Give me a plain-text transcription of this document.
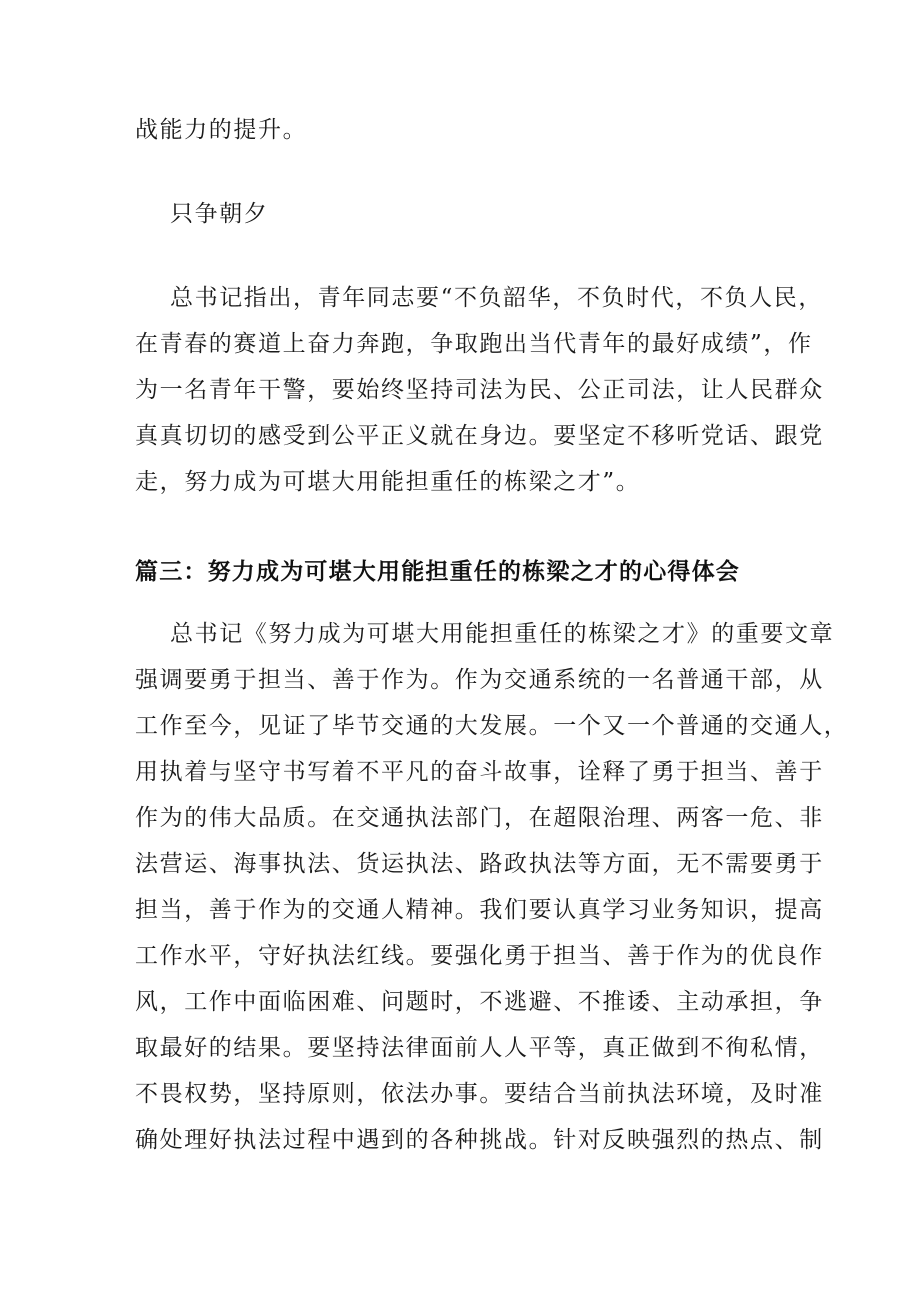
战能力的提升。
只争朝夕
总书记指出，青年同志要“不负韶华，不负时代，不负人民，
在青春的赛道上奋力奔跑，争取跑出当代青年的最好成绩”，作
为一名青年干警，要始终坚持司法为民、公正司法，让人民群众
真真切切的感受到公平正义就在身边。要坚定不移听党话、跟党
走，努力成为可堪大用能担重任的栋梁之才”。
篇三：努力成为可堪大用能担重任的栋梁之才的心得体会
总书记《努力成为可堪大用能担重任的栋梁之才》的重要文章
强调要勇于担当、善于作为。作为交通系统的一名普通干部，从
工作至今，见证了毕节交通的大发展。一个又一个普通的交通人，
用执着与坚守书写着不平凡的奋斗故事，诠释了勇于担当、善于
作为的伟大品质。在交通执法部门，在超限治理、两客一危、非
法营运、海事执法、货运执法、路政执法等方面，无不需要勇于
担当，善于作为的交通人精神。我们要认真学习业务知识，提高
工作水平，守好执法红线。要强化勇于担当、善于作为的优良作
风，工作中面临困难、问题时，不逃避、不推诿、主动承担，争
取最好的结果。要坚持法律面前人人平等，真正做到不徇私情，
不畏权势，坚持原则，依法办事。要结合当前执法环境，及时准
确处理好执法过程中遇到的各种挑战。针对反映强烈的热点、制
